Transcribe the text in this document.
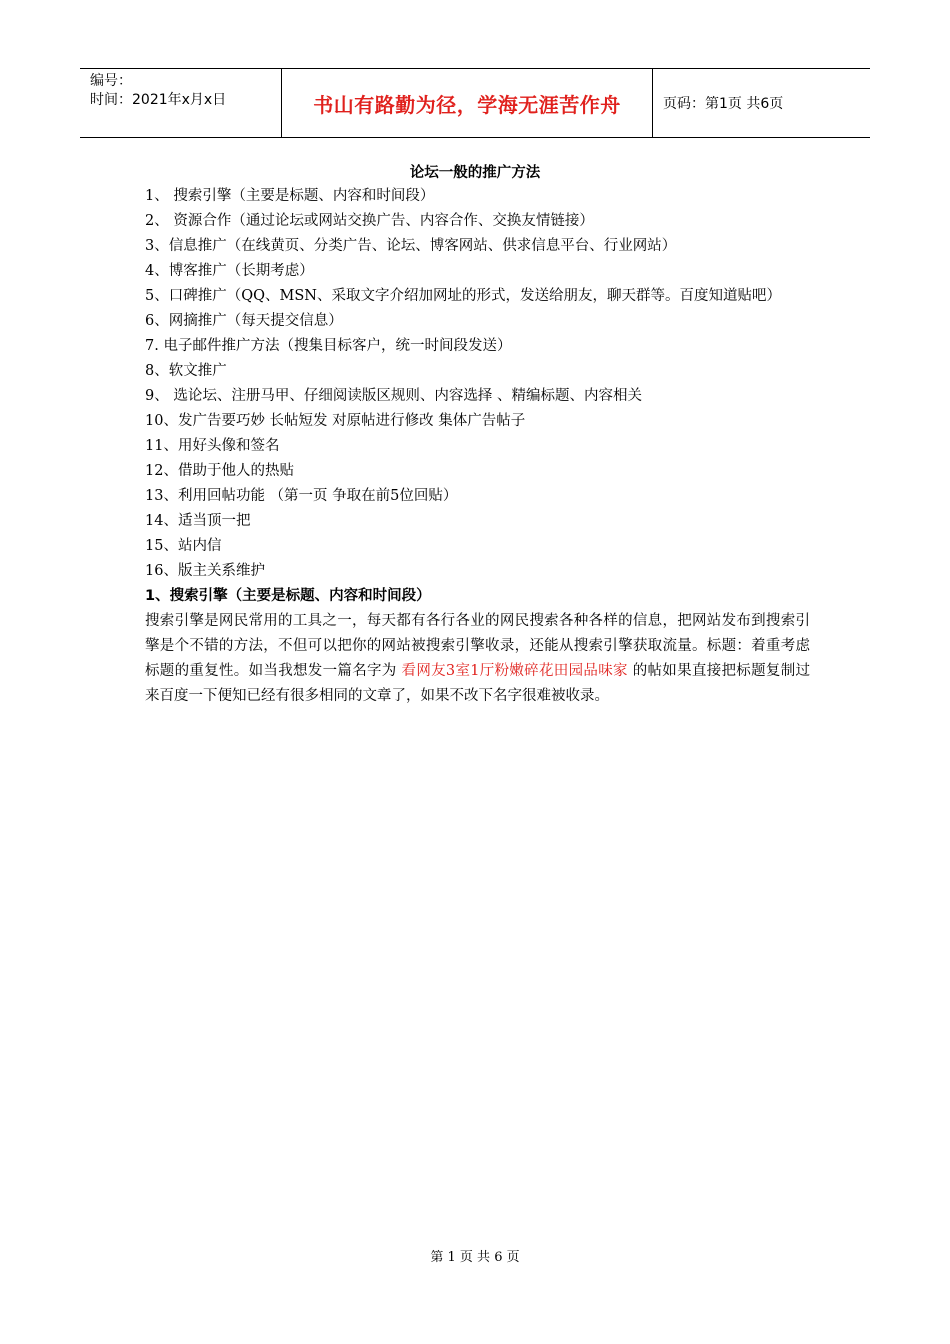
编号：
时间：2021年x月x日	书山有路勤为径，学海无涯苦作舟	页码：第1页 共6页
论坛一般的推广方法
1、 搜索引擎（主要是标题、内容和时间段）
2、 资源合作（通过论坛或网站交换广告、内容合作、交换友情链接）
3、信息推广（在线黄页、分类广告、论坛、博客网站、供求信息平台、行业网站）
4、博客推广（长期考虑）
5、口碑推广（QQ、MSN、采取文字介绍加网址的形式，发送给朋友，聊天群等。百度知道贴吧）
6、网摘推广（每天提交信息）
7. 电子邮件推广方法（搜集目标客户，统一时间段发送）
8、软文推广
9、 选论坛、注册马甲、仔细阅读版区规则、内容选择 、精编标题、内容相关
10、发广告要巧妙 长帖短发 对原帖进行修改 集体广告帖子
11、用好头像和签名
12、借助于他人的热贴
13、利用回帖功能 （第一页 争取在前5位回贴）
14、适当顶一把
15、站内信
16、版主关系维护
1、搜索引擎（主要是标题、内容和时间段）
搜索引擎是网民常用的工具之一，每天都有各行各业的网民搜索各种各样的信息，把网站发布到搜索引擎是个不错的方法，不但可以把你的网站被搜索引擎收录，还能从搜索引擎获取流量。标题：着重考虑标题的重复性。如当我想发一篇名字为 看网友3室1厅粉嫩碎花田园品味家 的帖如果直接把标题复制过来百度一下便知已经有很多相同的文章了，如果不改下名字很难被收录。
第 1 页 共 6 页
